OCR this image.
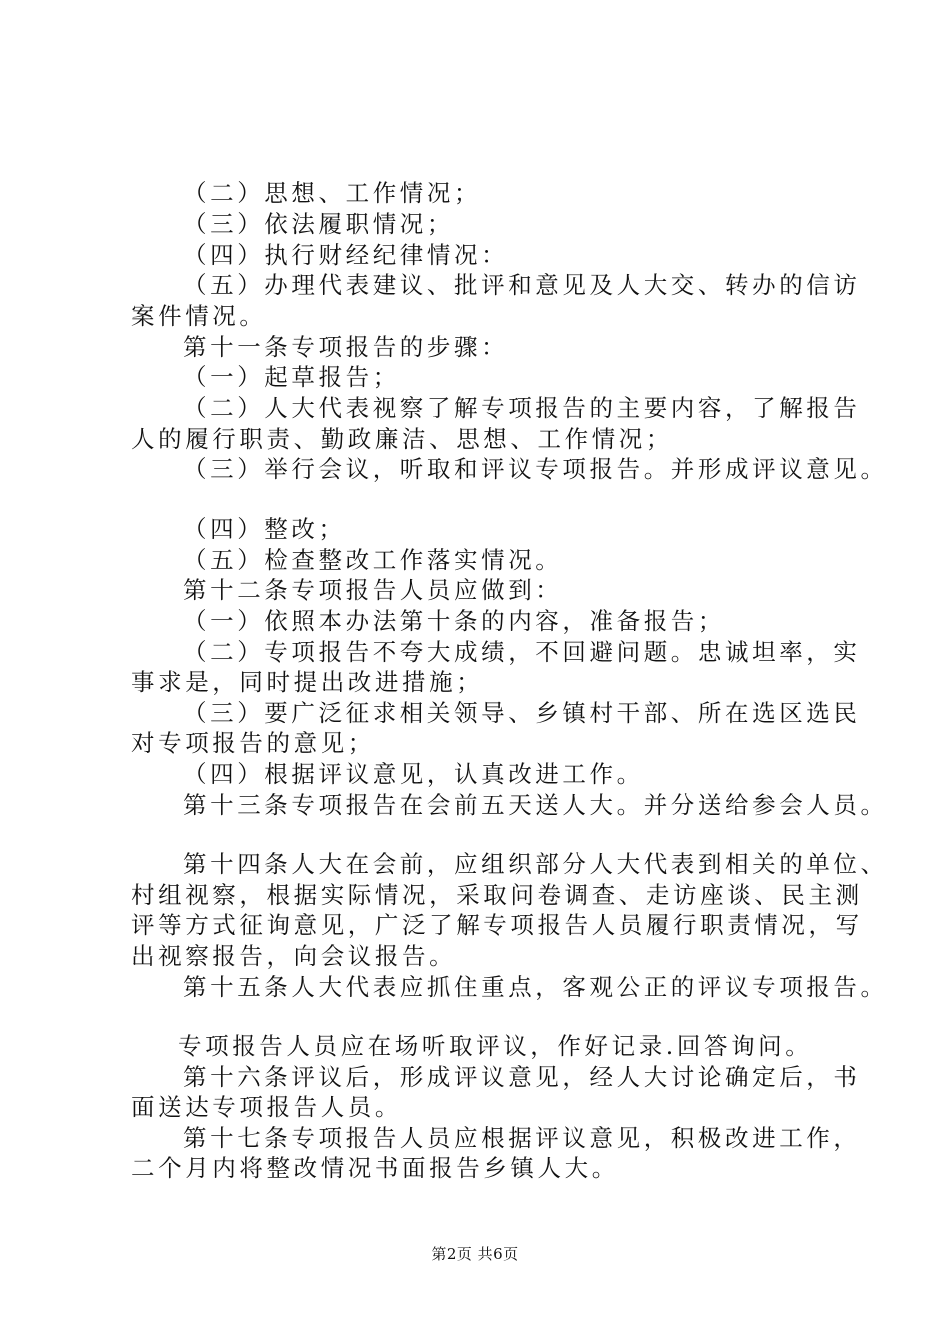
（二）思想、工作情况；
（三）依法履职情况；
（四）执行财经纪律情况：
（五）办理代表建议、批评和意见及人大交、转办的信访
案件情况。
第十一条专项报告的步骤：
（一）起草报告；
（二）人大代表视察了解专项报告的主要内容，了解报告
人的履行职责、勤政廉洁、思想、工作情况；
（三）举行会议，听取和评议专项报告。并形成评议意见。
（四）整改；
（五）检查整改工作落实情况。
第十二条专项报告人员应做到：
（一）依照本办法第十条的内容，准备报告；
（二）专项报告不夸大成绩，不回避问题。忠诚坦率，实
事求是，同时提出改进措施；
（三）要广泛征求相关领导、乡镇村干部、所在选区选民
对专项报告的意见；
（四）根据评议意见，认真改进工作。
第十三条专项报告在会前五天送人大。并分送给参会人员。
第十四条人大在会前，应组织部分人大代表到相关的单位、
村组视察，根据实际情况，采取问卷调查、走访座谈、民主测
评等方式征询意见，广泛了解专项报告人员履行职责情况，写
出视察报告，向会议报告。
第十五条人大代表应抓住重点，客观公正的评议专项报告。
专项报告人员应在场听取评议，作好记录.回答询问。
第十六条评议后，形成评议意见，经人大讨论确定后，书
面送达专项报告人员。
第十七条专项报告人员应根据评议意见，积极改进工作，
二个月内将整改情况书面报告乡镇人大。
第2页 共6页
